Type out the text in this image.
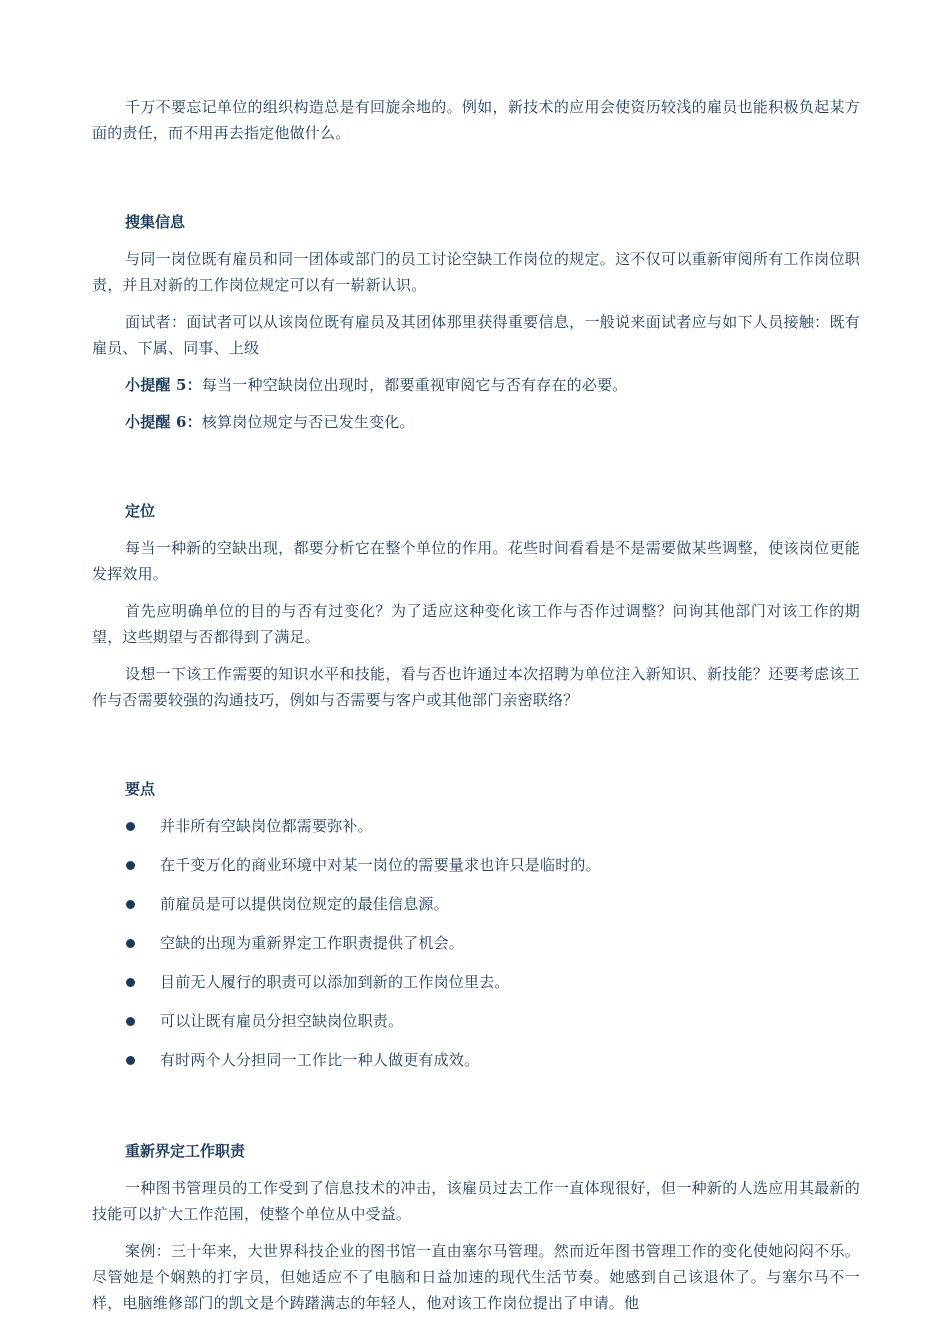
千万不要忘记单位的组织构造总是有回旋余地的。例如，新技术的应用会使资历较浅的雇员也能积极负起某方面的责任，而不用再去指定他做什么。

搜集信息

与同一岗位既有雇员和同一团体或部门的员工讨论空缺工作岗位的规定。这不仅可以重新审阅所有工作岗位职责，并且对新的工作岗位规定可以有一崭新认识。

面试者：面试者可以从该岗位既有雇员及其团体那里获得重要信息，一般说来面试者应与如下人员接触：既有雇员、下属、同事、上级

小提醒 5：每当一种空缺岗位出现时，都要重视审阅它与否有存在的必要。

小提醒 6：核算岗位规定与否已发生变化。

定位

每当一种新的空缺出现，都要分析它在整个单位的作用。花些时间看看是不是需要做某些调整，使该岗位更能发挥效用。

首先应明确单位的目的与否有过变化？为了适应这种变化该工作与否作过调整？问询其他部门对该工作的期望，这些期望与否都得到了满足。

设想一下该工作需要的知识水平和技能，看与否也许通过本次招聘为单位注入新知识、新技能？还要考虑该工作与否需要较强的沟通技巧，例如与否需要与客户或其他部门亲密联络？

要点
并非所有空缺岗位都需要弥补。
在千变万化的商业环境中对某一岗位的需要量求也许只是临时的。
前雇员是可以提供岗位规定的最佳信息源。
空缺的出现为重新界定工作职责提供了机会。
目前无人履行的职责可以添加到新的工作岗位里去。
可以让既有雇员分担空缺岗位职责。
有时两个人分担同一工作比一种人做更有成效。
重新界定工作职责

一种图书管理员的工作受到了信息技术的冲击，该雇员过去工作一直体现很好，但一种新的人选应用其最新的技能可以扩大工作范围，使整个单位从中受益。

案例：三十年来，大世界科技企业的图书馆一直由塞尔马管理。然而近年图书管理工作的变化使她闷闷不乐。尽管她是个娴熟的打字员，但她适应不了电脑和日益加速的现代生活节奏。她感到自己该退休了。与塞尔马不一样，电脑维修部门的凯文是个踌躇满志的年轻人，他对该工作岗位提出了申请。他
